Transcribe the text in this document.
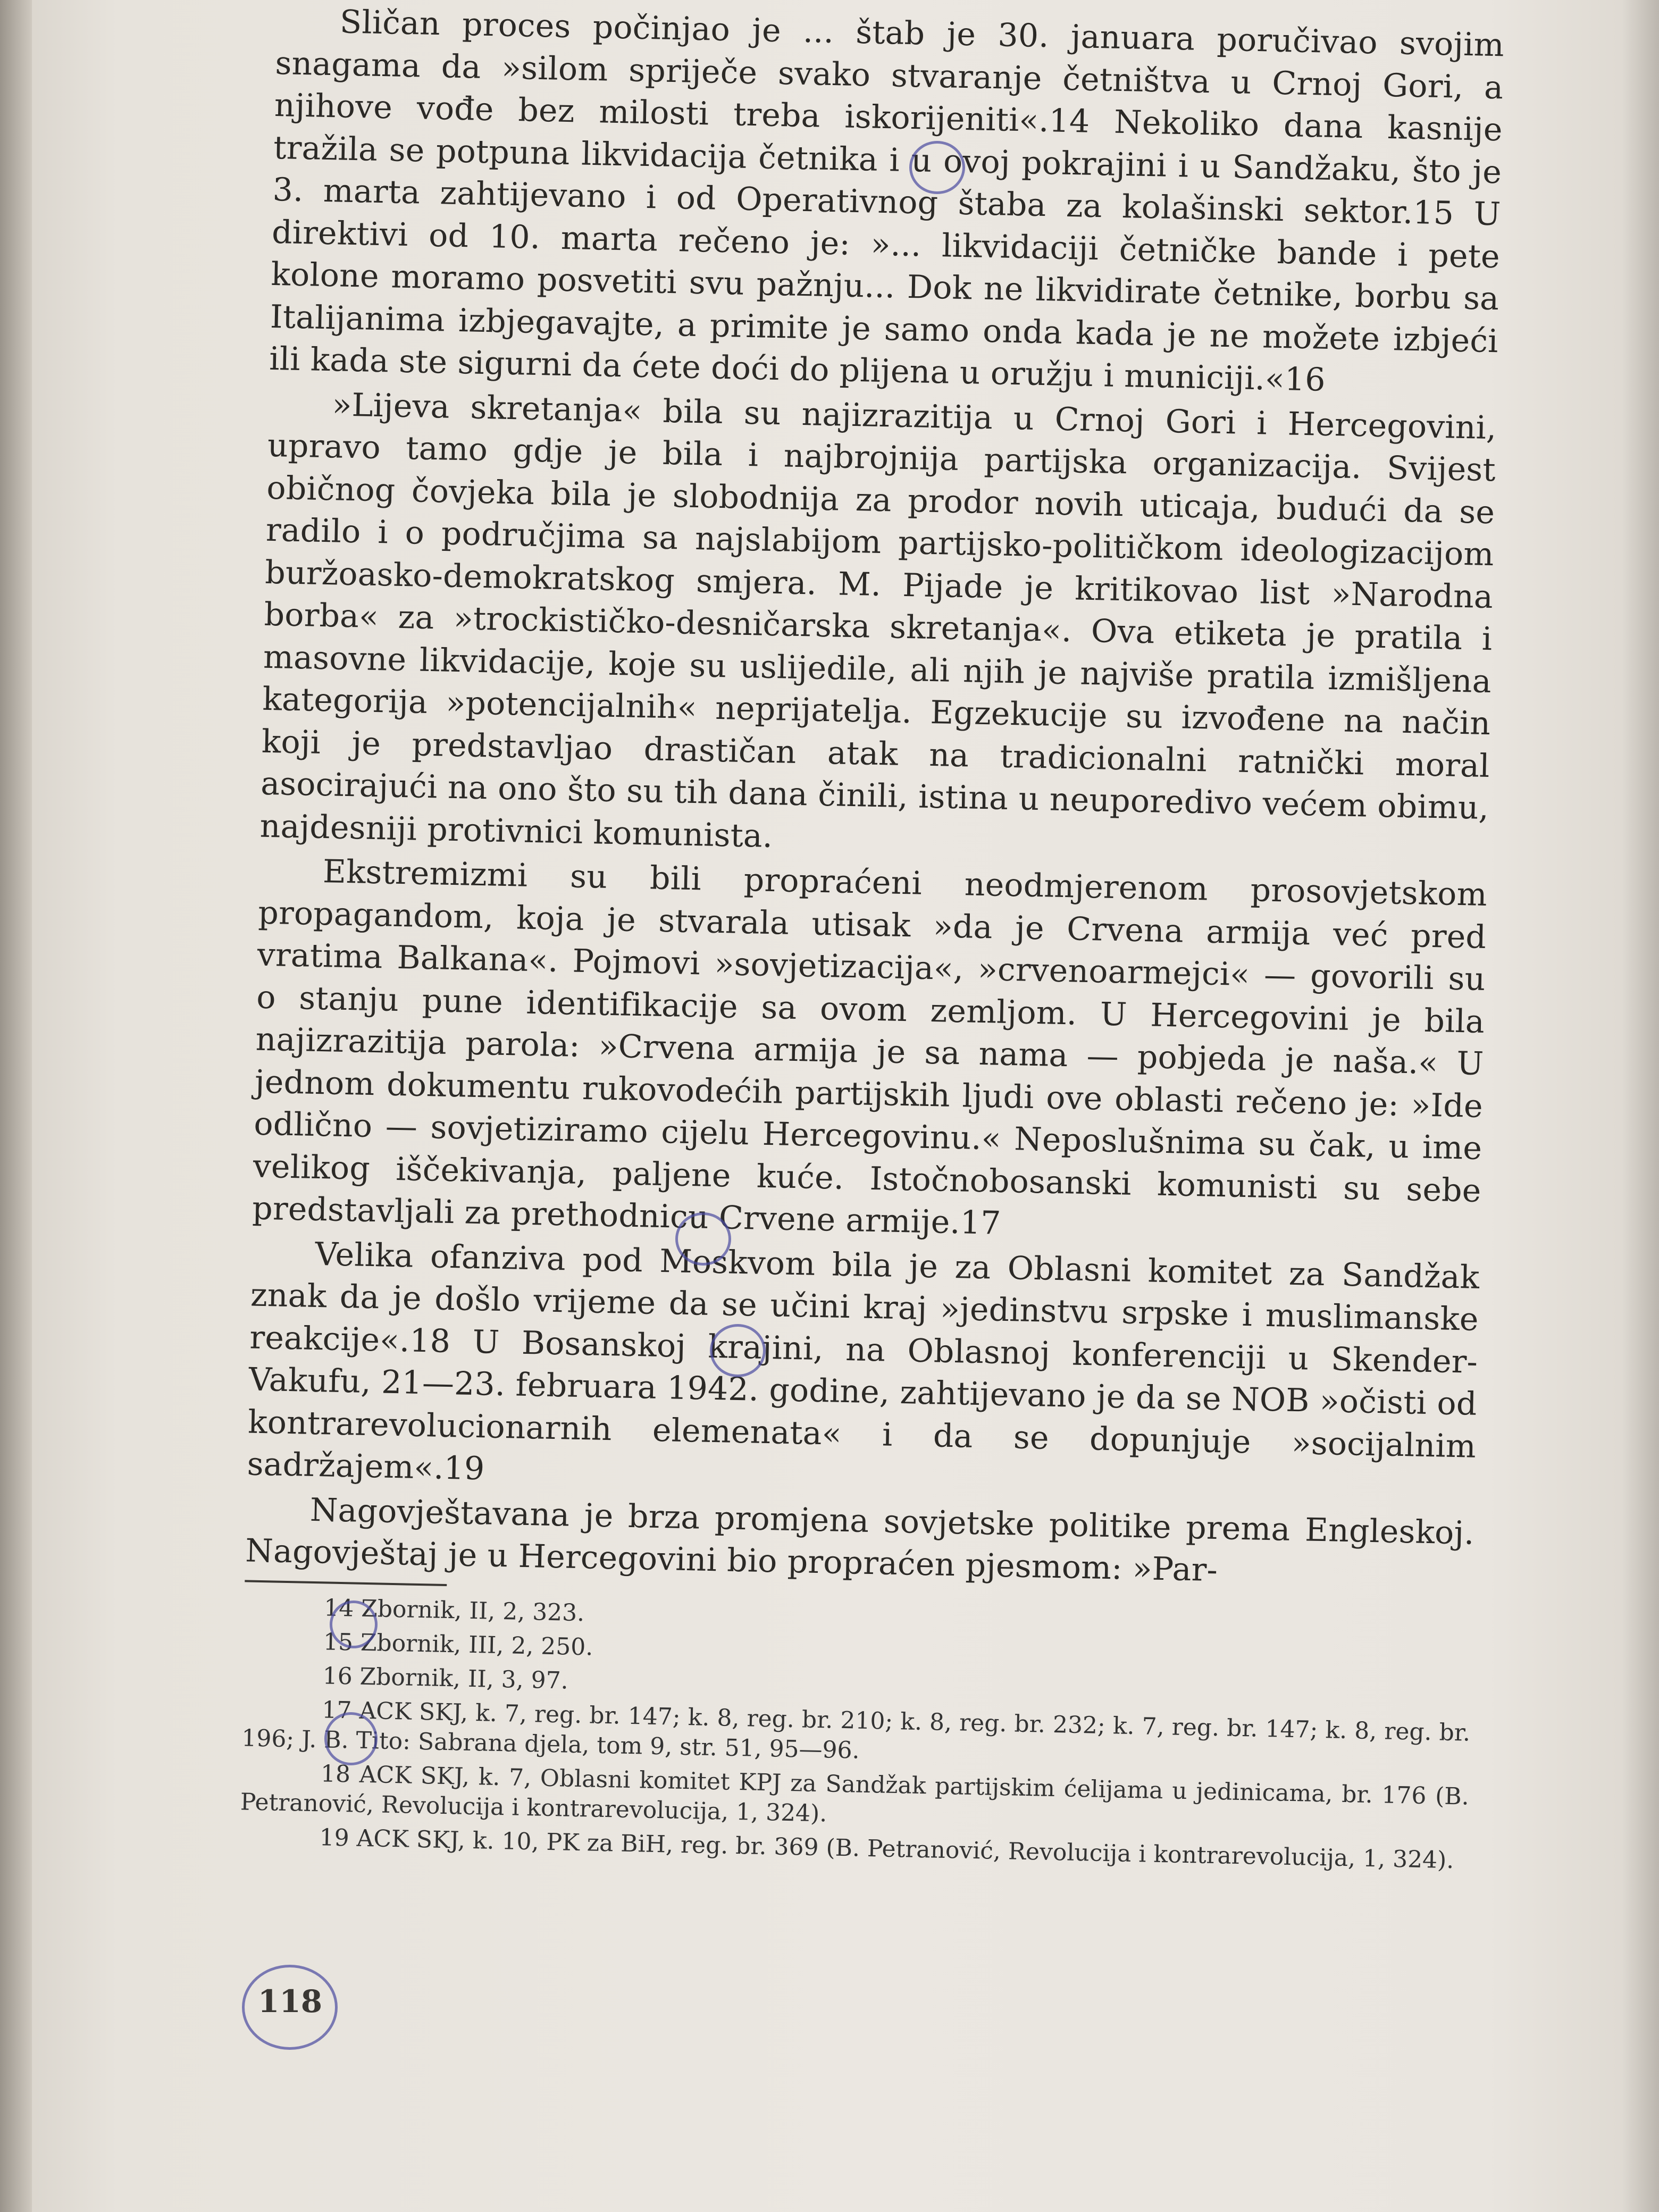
Sličan proces počinjao je ... štab je 30. januara poručivao svojim snagama da »silom spriječe svako stvaranje četništva u Crnoj Gori, a njihove vođe bez milosti treba iskorijeniti«.14 Nekoliko dana kasnije tražila se potpuna likvidacija četnika i u ovoj pokrajini i u Sandžaku, što je 3. marta zahtijevano i od Operativnog štaba za kolašinski sektor.15 U direktivi od 10. marta rečeno je: »... likvidaciji četničke bande i pete kolone moramo posvetiti svu pažnju... Dok ne likvidirate četnike, borbu sa Italijanima izbjegavajte, a primite je samo onda kada je ne možete izbjeći ili kada ste sigurni da ćete doći do plijena u oružju i municiji.«16

»Lijeva skretanja« bila su najizrazitija u Crnoj Gori i Hercegovini, upravo tamo gdje je bila i najbrojnija partijska organizacija. Svijest običnog čovjeka bila je slobodnija za prodor novih uticaja, budući da se radilo i o područjima sa najslabijom partijsko-političkom ideologizacijom buržoasko-demokratskog smjera. M. Pijade je kritikovao list »Narodna borba« za »trockističko-desničarska skretanja«. Ova etiketa je pratila i masovne likvidacije, koje su uslijedile, ali njih je najviše pratila izmišljena kategorija »potencijalnih« neprijatelja. Egzekucije su izvođene na način koji je predstavljao drastičan atak na tradicionalni ratnički moral asocirajući na ono što su tih dana činili, istina u neuporedivo većem obimu, najdesniji protivnici komunista.

Ekstremizmi su bili propraćeni neodmjerenom prosovjetskom propagandom, koja je stvarala utisak »da je Crvena armija već pred vratima Balkana«. Pojmovi »sovjetizacija«, »crvenoarmejci« — govorili su o stanju pune identifikacije sa ovom zemljom. U Hercegovini je bila najizrazitija parola: »Crvena armija je sa nama — pobjeda je naša.« U jednom dokumentu rukovodećih partijskih ljudi ove oblasti rečeno je: »Ide odlično — sovjetiziramo cijelu Hercegovinu.« Neposlušnima su čak, u ime velikog iščekivanja, paljene kuće. Istočnobosanski komunisti su sebe predstavljali za prethodnicu Crvene armije.17

Velika ofanziva pod Moskvom bila je za Oblasni komitet za Sandžak znak da je došlo vrijeme da se učini kraj »jedinstvu srpske i muslimanske reakcije«.18 U Bosanskoj krajini, na Oblasnoj konferenciji u Skender-Vakufu, 21—23. februara 1942. godine, zahtijevano je da se NOB »očisti od kontrarevolucionarnih elemenata« i da se dopunjuje »socijalnim sadržajem«.19

Nagovještavana je brza promjena sovjetske politike prema Engleskoj. Nagovještaj je u Hercegovini bio propraćen pjesmom: »Par-

14 Zbornik, II, 2, 323.

15 Zbornik, III, 2, 250.

16 Zbornik, II, 3, 97.

17 ACK SKJ, k. 7, reg. br. 147; k. 8, reg. br. 210; k. 8, reg. br. 232; k. 7, reg. br. 147; k. 8, reg. br. 196; J. B. Tito: Sabrana djela, tom 9, str. 51, 95—96.

18 ACK SKJ, k. 7, Oblasni komitet KPJ za Sandžak partijskim ćelijama u jedinicama, br. 176 (B. Petranović, Revolucija i kontrarevolucija, 1, 324).

19 ACK SKJ, k. 10, PK za BiH, reg. br. 369 (B. Petranović, Revolucija i kontrarevolucija, 1, 324).

118
